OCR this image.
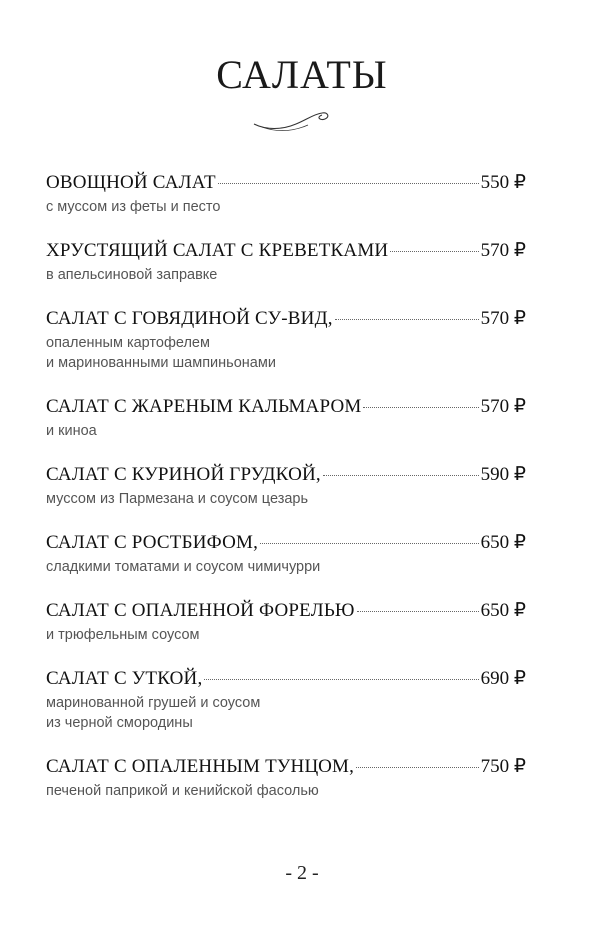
САЛАТЫ
ОВОЩНОЙ САЛАТ	550 ₽
с муссом из феты и песто
ХРУСТЯЩИЙ САЛАТ С КРЕВЕТКАМИ	570 ₽
в апельсиновой заправке
САЛАТ С ГОВЯДИНОЙ СУ-ВИД,	570 ₽
опаленным картофелем
и маринованными шампиньонами
САЛАТ С ЖАРЕНЫМ КАЛЬМАРОМ	570 ₽
и киноа
САЛАТ С КУРИНОЙ ГРУДКОЙ,	590 ₽
муссом из Пармезана и соусом цезарь
САЛАТ С РОСТБИФОМ,	650 ₽
сладкими томатами и соусом чимичурри
САЛАТ С ОПАЛЕННОЙ ФОРЕЛЬЮ	650 ₽
и трюфельным соусом
САЛАТ С УТКОЙ,	690 ₽
маринованной грушей и соусом
из черной смородины
САЛАТ С ОПАЛЕННЫМ ТУНЦОМ,	750 ₽
печеной паприкой и кенийской фасолью
- 2 -
